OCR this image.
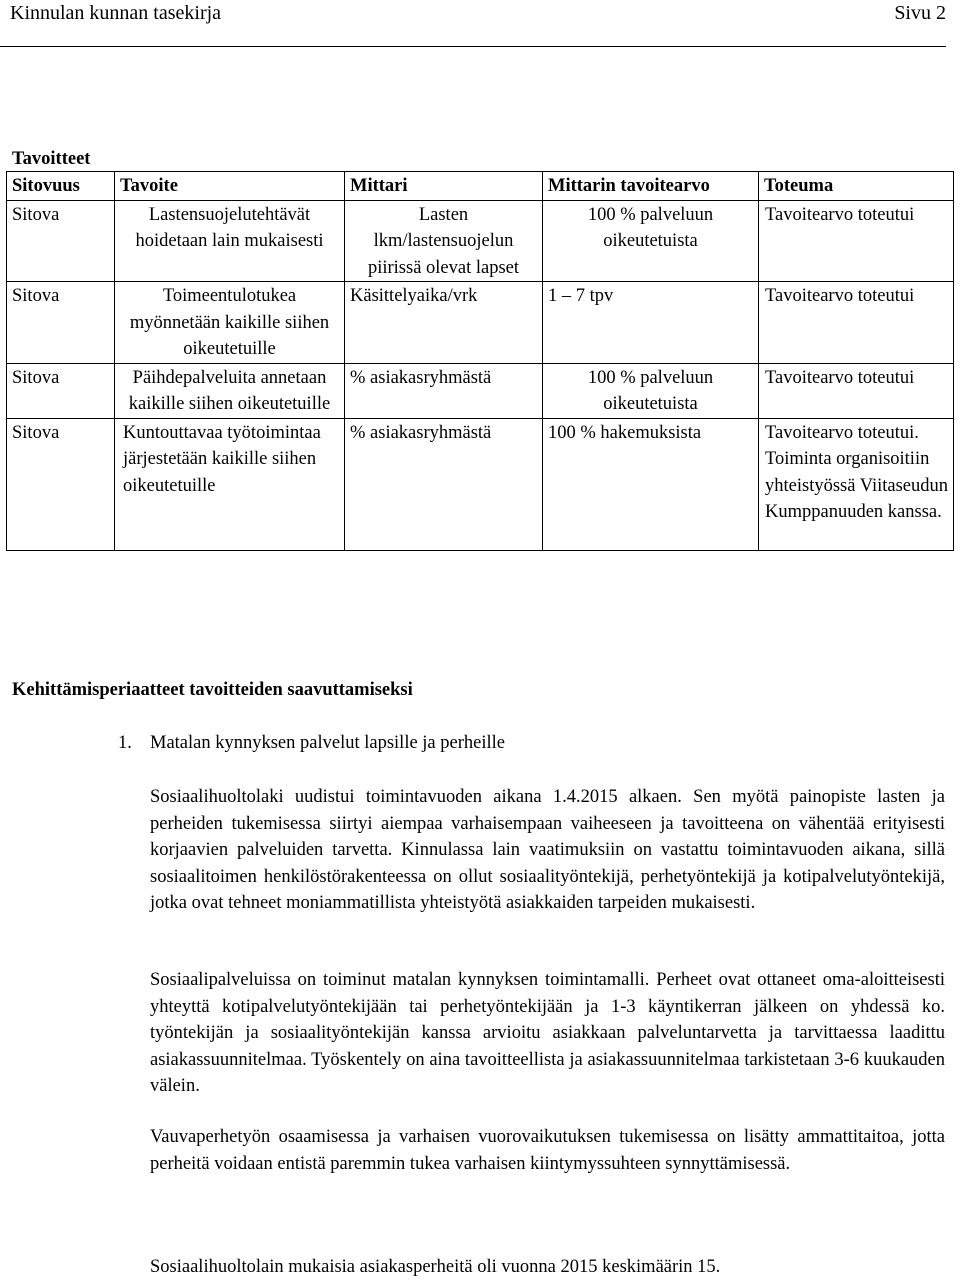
Kinnulan kunnan tasekirja	Sivu 2

Tavoitteet

Sitovuus	Tavoite	Mittari	Mittarin tavoitearvo	Toteuma
Sitova	Lastensuojelutehtävät hoidetaan lain mukaisesti	Lasten lkm/lastensuojelun piirissä olevat lapset	100 % palveluun oikeutetuista	Tavoitearvo toteutui
Sitova	Toimeentulotukea myönnetään kaikille siihen oikeutetuille	Käsittelyaika/vrk	1 – 7 tpv	Tavoitearvo toteutui
Sitova	Päihdepalveluita annetaan kaikille siihen oikeutetuille	% asiakasryhmästä	100 % palveluun oikeutetuista	Tavoitearvo toteutui
Sitova	Kuntouttavaa työtoimintaa järjestetään kaikille siihen oikeutetuille	% asiakasryhmästä	100 % hakemuksista	Tavoitearvo toteutui. Toiminta organisoitiin yhteistyössä Viitaseudun Kumppanuuden kanssa.

Kehittämisperiaatteet tavoitteiden saavuttamiseksi

1. Matalan kynnyksen palvelut lapsille ja perheille

Sosiaalihuoltolaki uudistui toimintavuoden aikana 1.4.2015 alkaen. Sen myötä painopiste lasten ja perheiden tukemisessa siirtyi aiempaa varhaisempaan vaiheeseen ja tavoitteena on vähentää erityisesti korjaavien palveluiden tarvetta. Kinnulassa lain vaatimuksiin on vastattu toimintavuoden aikana, sillä sosiaalitoimen henkilöstörakenteessa on ollut sosiaalityöntekijä, perhetyöntekijä ja kotipalvelutyöntekijä, jotka ovat tehneet moniammatillista yhteistyötä asiakkaiden tarpeiden mukaisesti.

Sosiaalipalveluissa on toiminut matalan kynnyksen toimintamalli. Perheet ovat ottaneet oma-aloitteisesti yhteyttä kotipalvelutyöntekijään tai perhetyöntekijään ja 1-3 käyntikerran jälkeen on yhdessä ko. työntekijän ja sosiaalityöntekijän kanssa arvioitu asiakkaan palveluntarvetta ja tarvittaessa laadittu asiakassuunnitelmaa. Työskentely on aina tavoitteellista ja asiakassuunnitelmaa tarkistetaan 3-6 kuukauden välein.

Vauvaperhetyön osaamisessa ja varhaisen vuorovaikutuksen tukemisessa on lisätty ammattitaitoa, jotta perheitä voidaan entistä paremmin tukea varhaisen kiintymyssuhteen synnyttämisessä.

Sosiaalihuoltolain mukaisia asiakasperheitä oli vuonna 2015 keskimäärin 15.
